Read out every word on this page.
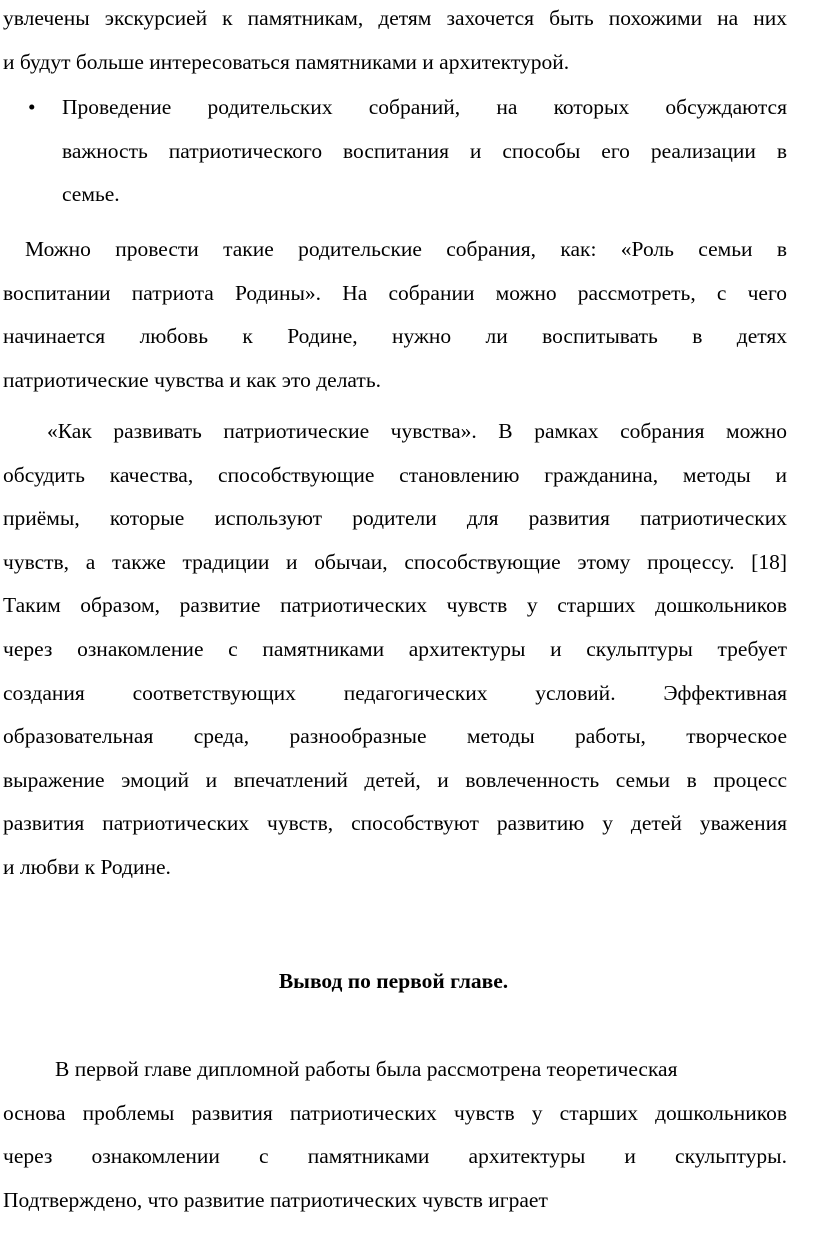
увлечены экскурсией к памятникам, детям захочется быть похожими на них
и будут больше интересоваться памятниками и архитектурой.
• Проведение родительских собраний, на которых обсуждаются
важность патриотического воспитания и способы его реализации в
семье.
Можно провести такие родительские собрания, как: «Роль семьи в
воспитании патриота Родины». На собрании можно рассмотреть, с чего
начинается любовь к Родине, нужно ли воспитывать в детях
патриотические чувства и как это делать.
«Как развивать патриотические чувства». В рамках собрания можно
обсудить качества, способствующие становлению гражданина, методы и
приёмы, которые используют родители для развития патриотических
чувств, а также традиции и обычаи, способствующие этому процессу. [18]
Таким образом, развитие патриотических чувств у старших дошкольников
через ознакомление с памятниками архитектуры и скульптуры требует
создания соответствующих педагогических условий. Эффективная
образовательная среда, разнообразные методы работы, творческое
выражение эмоций и впечатлений детей, и вовлеченность семьи в процесс
развития патриотических чувств, способствуют развитию у детей уважения
и любви к Родине.
Вывод по первой главе.
В первой главе дипломной работы была рассмотрена теоретическая
основа проблемы развития патриотических чувств у старших дошкольников
через ознакомлении с памятниками архитектуры и скульптуры.
Подтверждено, что развитие патриотических чувств играет
